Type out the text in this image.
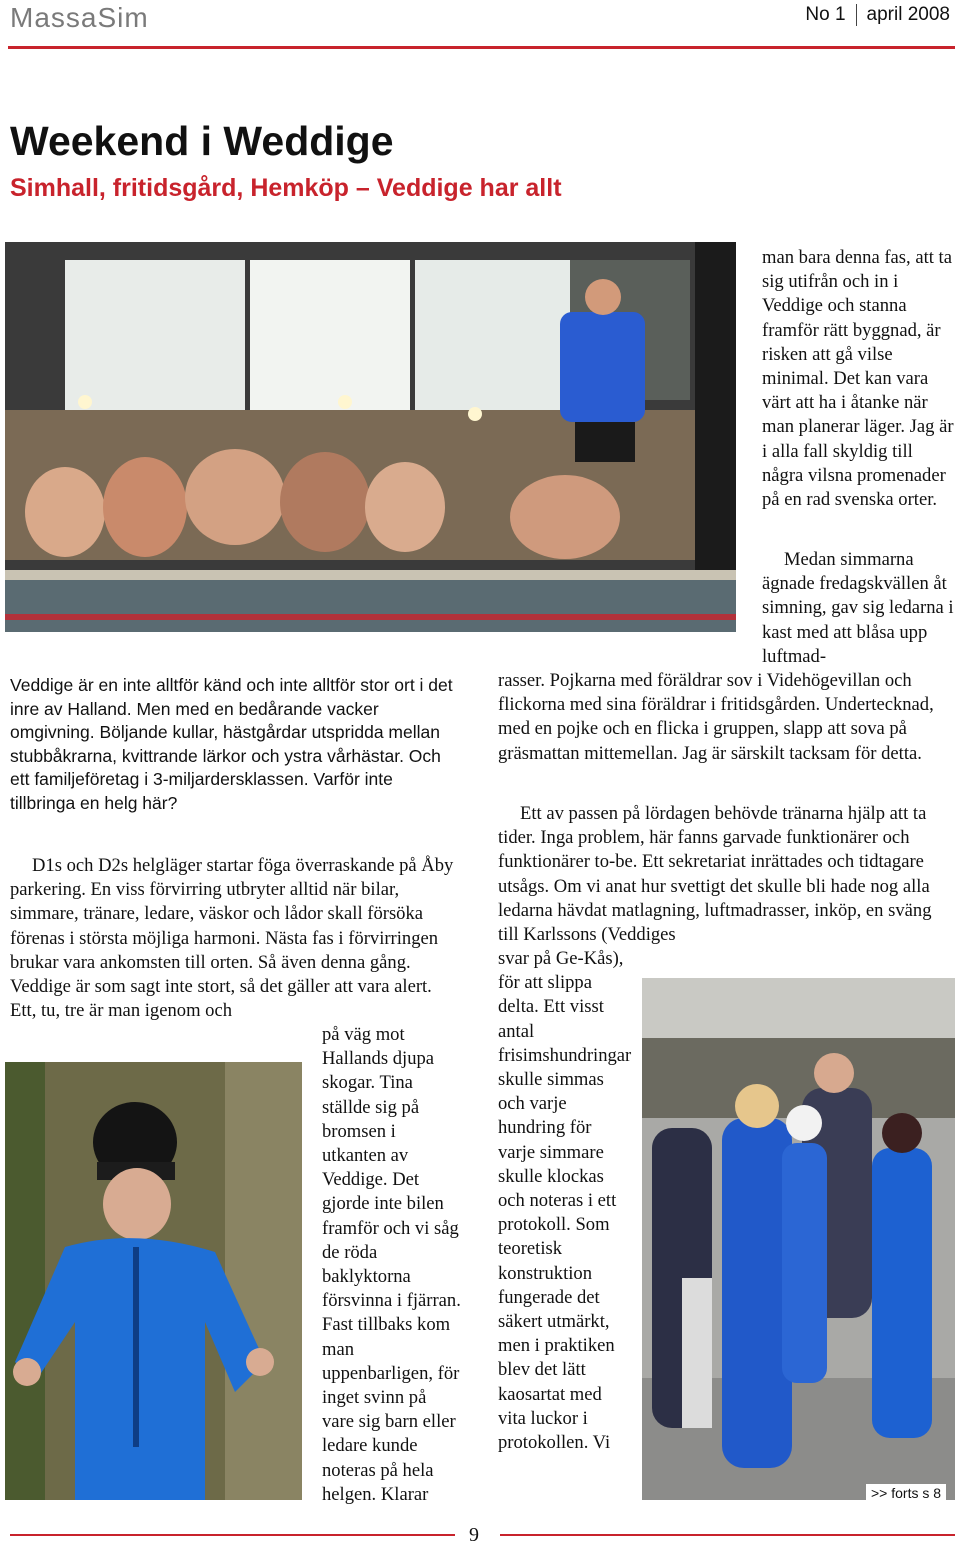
MassaSim	No 1 april 2008
Weekend i Weddige
Simhall, fritidsgård, Hemköp – Veddige har allt
Veddige är en inte alltför känd och inte alltför stor ort i det inre av Halland. Men med en bedårande vacker omgivning. Böljande kullar, hästgårdar utspridda mellan stubbåkrarna, kvittrande lärkor och ystra vårhästar. Och ett familjeföretag i 3-miljardersklassen. Varför inte tillbringa en helg här?

D1s och D2s helgläger startar föga överraskande på Åby parkering. En viss förvirring utbryter alltid när bilar, simmare, tränare, ledare, väskor och lådor skall försöka förenas i största möjliga harmoni. Nästa fas i förvirringen brukar vara ankomsten till orten. Så även denna gång. Veddige är som sagt inte stort, så det gäller att vara alert. Ett, tu, tre är man igenom och

på väg mot Hallands djupa skogar. Tina ställde sig på bromsen i utkanten av Veddige. Det gjorde inte bilen framför och vi såg de röda baklyktorna försvinna i fjärran. Fast tillbaks kom man uppenbarligen, för inget svinn på vare sig barn eller ledare kunde noteras på hela helgen. Klarar
man bara denna fas, att ta sig utifrån och in i Veddige och stanna framför rätt byggnad, är risken att gå vilse minimal. Det kan vara värt att ha i åtanke när man planerar läger. Jag är i alla fall skyldig till några vilsna promenader på en rad svenska orter.
Medan simmarna ägnade fredagskvällen åt simning, gav sig ledarna i kast med att blåsa upp luftmad-
rasser. Pojkarna med föräldrar sov i Videhögevillan och flickorna med sina föräldrar i fritidsgården. Undertecknad, med en pojke och en flicka i gruppen, slapp att sova på gräsmattan mittemellan. Jag är särskilt tacksam för detta.
Ett av passen på lördagen behövde tränarna hjälp att ta tider. Inga problem, här fanns garvade funktionärer och funktionärer to-be. Ett sekretariat inrättades och tidtagare utsågs. Om vi anat hur svettigt det skulle bli hade nog alla ledarna hävdat matlagning, luftmadrasser, inköp, en sväng till Karlssons (Veddiges
svar på Ge-Kås), för att slippa delta. Ett visst antal frisimshundringar skulle simmas och varje hundring för varje simmare skulle klockas och noteras i ett protokoll. Som teoretisk konstruktion fungerade det säkert utmärkt, men i praktiken blev det lätt kaosartat med vita luckor i protokollen. Vi
>> forts s 8
9
